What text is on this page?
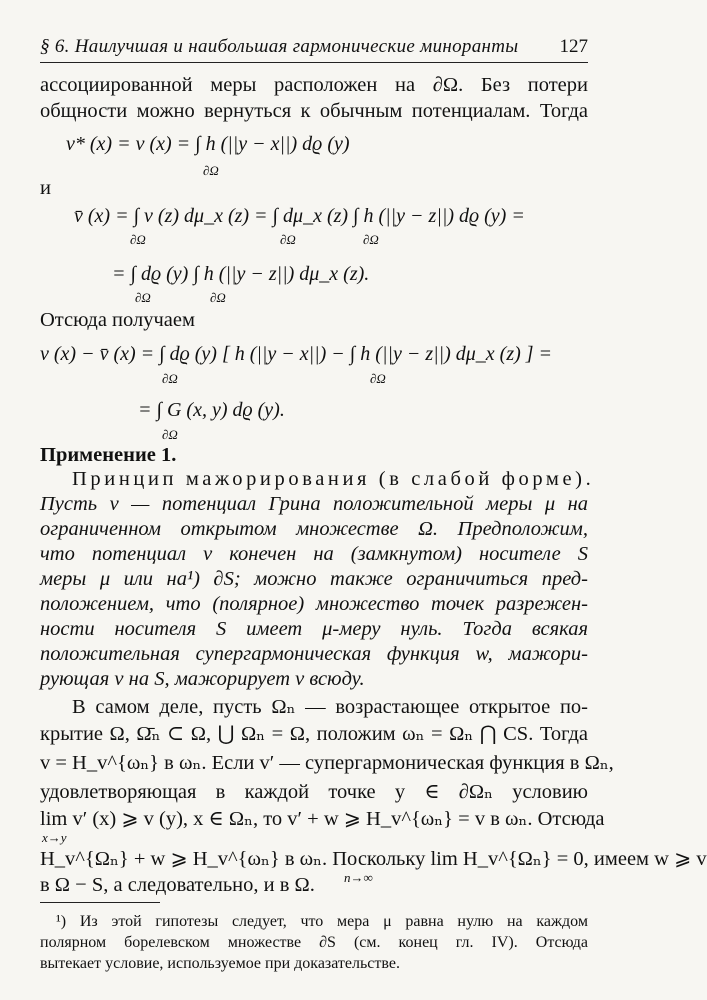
§ 6. Наилучшая и наибольшая гармонические миноранты 127
ассоциированной меры расположен на ∂Ω. Без потери
общности можно вернуться к обычным потенциалам. Тогда
v* (x) = v (x) = ∫ h (||y − x||) dϱ (y)
∂Ω
и
v̄ (x) = ∫ v (z) dμ_x (z) = ∫ dμ_x (z) ∫ h (||y − z||) dϱ (y) =
∂Ω	∂Ω	∂Ω
= ∫ dϱ (y) ∫ h (||y − z||) dμ_x (z).
∂Ω	∂Ω
Отсюда получаем
v (x) − v̄ (x) = ∫ dϱ (y) [ h (||y − x||) − ∫ h (||y − z||) dμ_x (z) ] =
∂Ω	∂Ω
= ∫ G (x, y) dϱ (y).
∂Ω
Применение 1.
Принцип мажорирования (в слабой форме).
Пусть v — потенциал Грина положительной меры μ на
ограниченном открытом множестве Ω. Предположим,
что потенциал v конечен на (замкнутом) носителе S
меры μ или на¹) ∂S; можно также ограничиться пред-
положением, что (полярное) множество точек разрежен-
ности носителя S имеет μ-меру нуль. Тогда всякая
положительная супергармоническая функция w, мажори-
рующая v на S, мажорирует v всюду.
В самом деле, пусть Ωₙ — возрастающее открытое по-
крытие Ω, Ω̄ₙ ⊂ Ω, ⋃ Ωₙ = Ω, положим ωₙ = Ωₙ ⋂ CS. Тогда
v = H_v^{ωₙ} в ωₙ. Если v′ — супергармоническая функция в Ωₙ,
удовлетворяющая в каждой точке y ∈ ∂Ωₙ условию
lim v′ (x) ⩾ v (y), x ∈ Ωₙ, то v′ + w ⩾ H_v^{ωₙ} = v в ωₙ. Отсюда
x→y
H_v^{Ωₙ} + w ⩾ H_v^{ωₙ} в ωₙ. Поскольку lim H_v^{Ωₙ} = 0, имеем w ⩾ v
n→∞
в Ω − S, а следовательно, и в Ω.
¹) Из этой гипотезы следует, что мера μ равна нулю на каждом
полярном борелевском множестве ∂S (см. конец гл. IV). Отсюда
вытекает условие, используемое при доказательстве.
